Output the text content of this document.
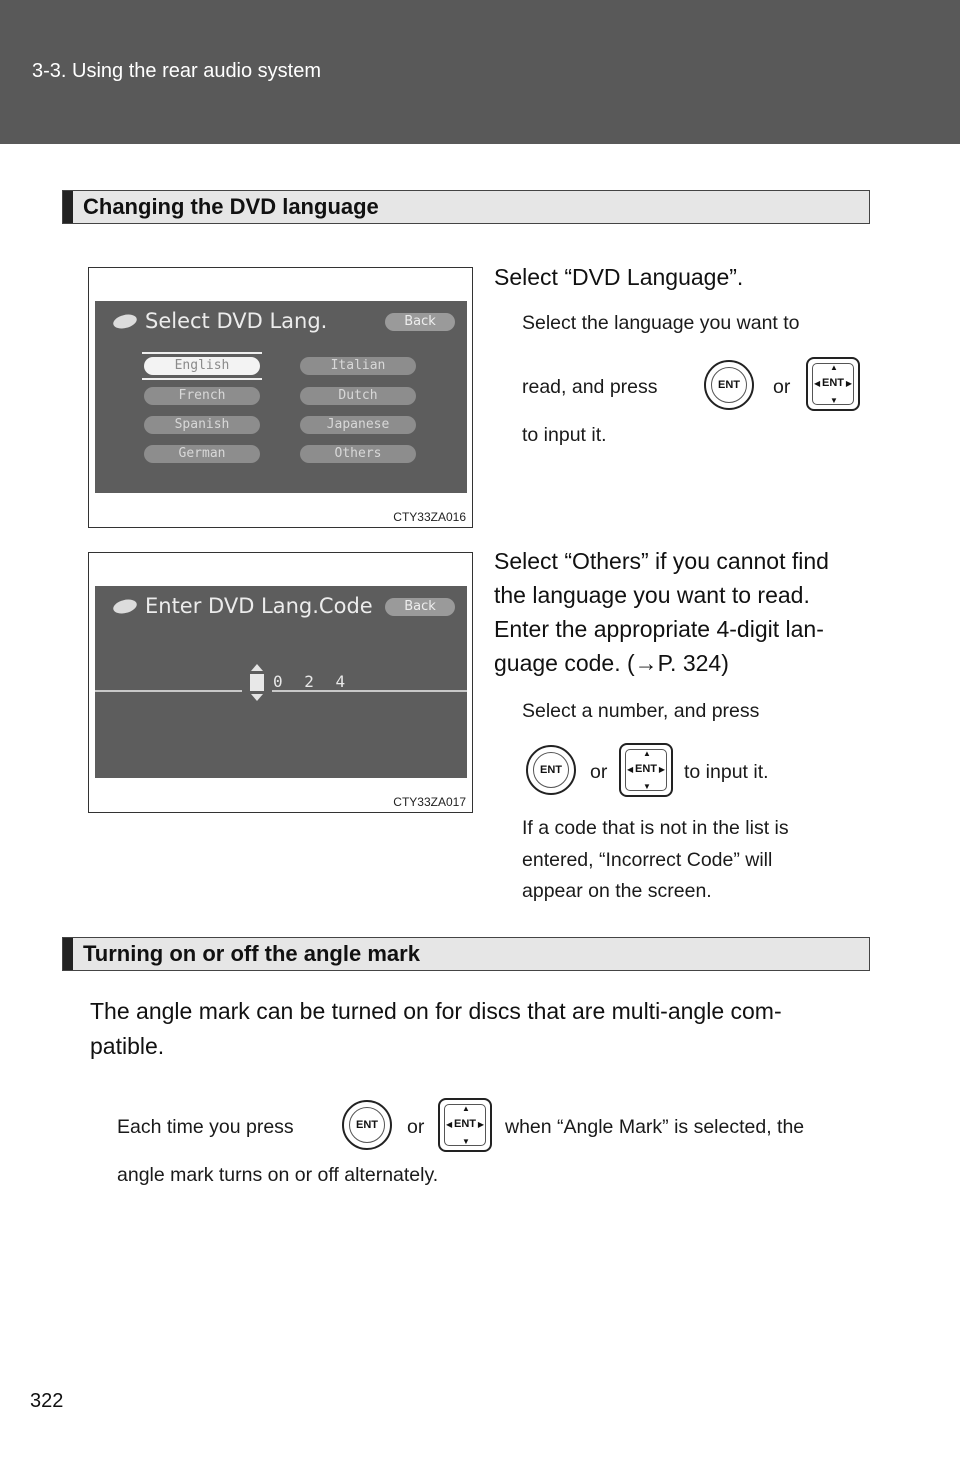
3-3. Using the rear audio system
Changing the DVD language
Select DVD Lang.	Back
English	Italian
French	Dutch
Spanish	Japanese
German	Others
CTY33ZA016
Select “DVD Language”.
Select the language you want to
read, and press	ENT	or
▲
▼
◀	▶
ENT
to input it.
Enter DVD Lang.Code	Back
0 2 4
CTY33ZA017
Select “Others” if you cannot find
the language you want to read.
Enter the appropriate 4-digit lan-
guage code. (→P. 324)
Select a number, and press
ENT	or
▲
▼
◀	▶
ENT	to input it.
If a code that is not in the list is
entered, “Incorrect Code” will
appear on the screen.
Turning on or off the angle mark
The angle mark can be turned on for discs that are multi-angle com-
patible.
Each time you press	ENT	or
▲
▼
◀	▶
ENT	when “Angle Mark” is selected, the
angle mark turns on or off alternately.
322
